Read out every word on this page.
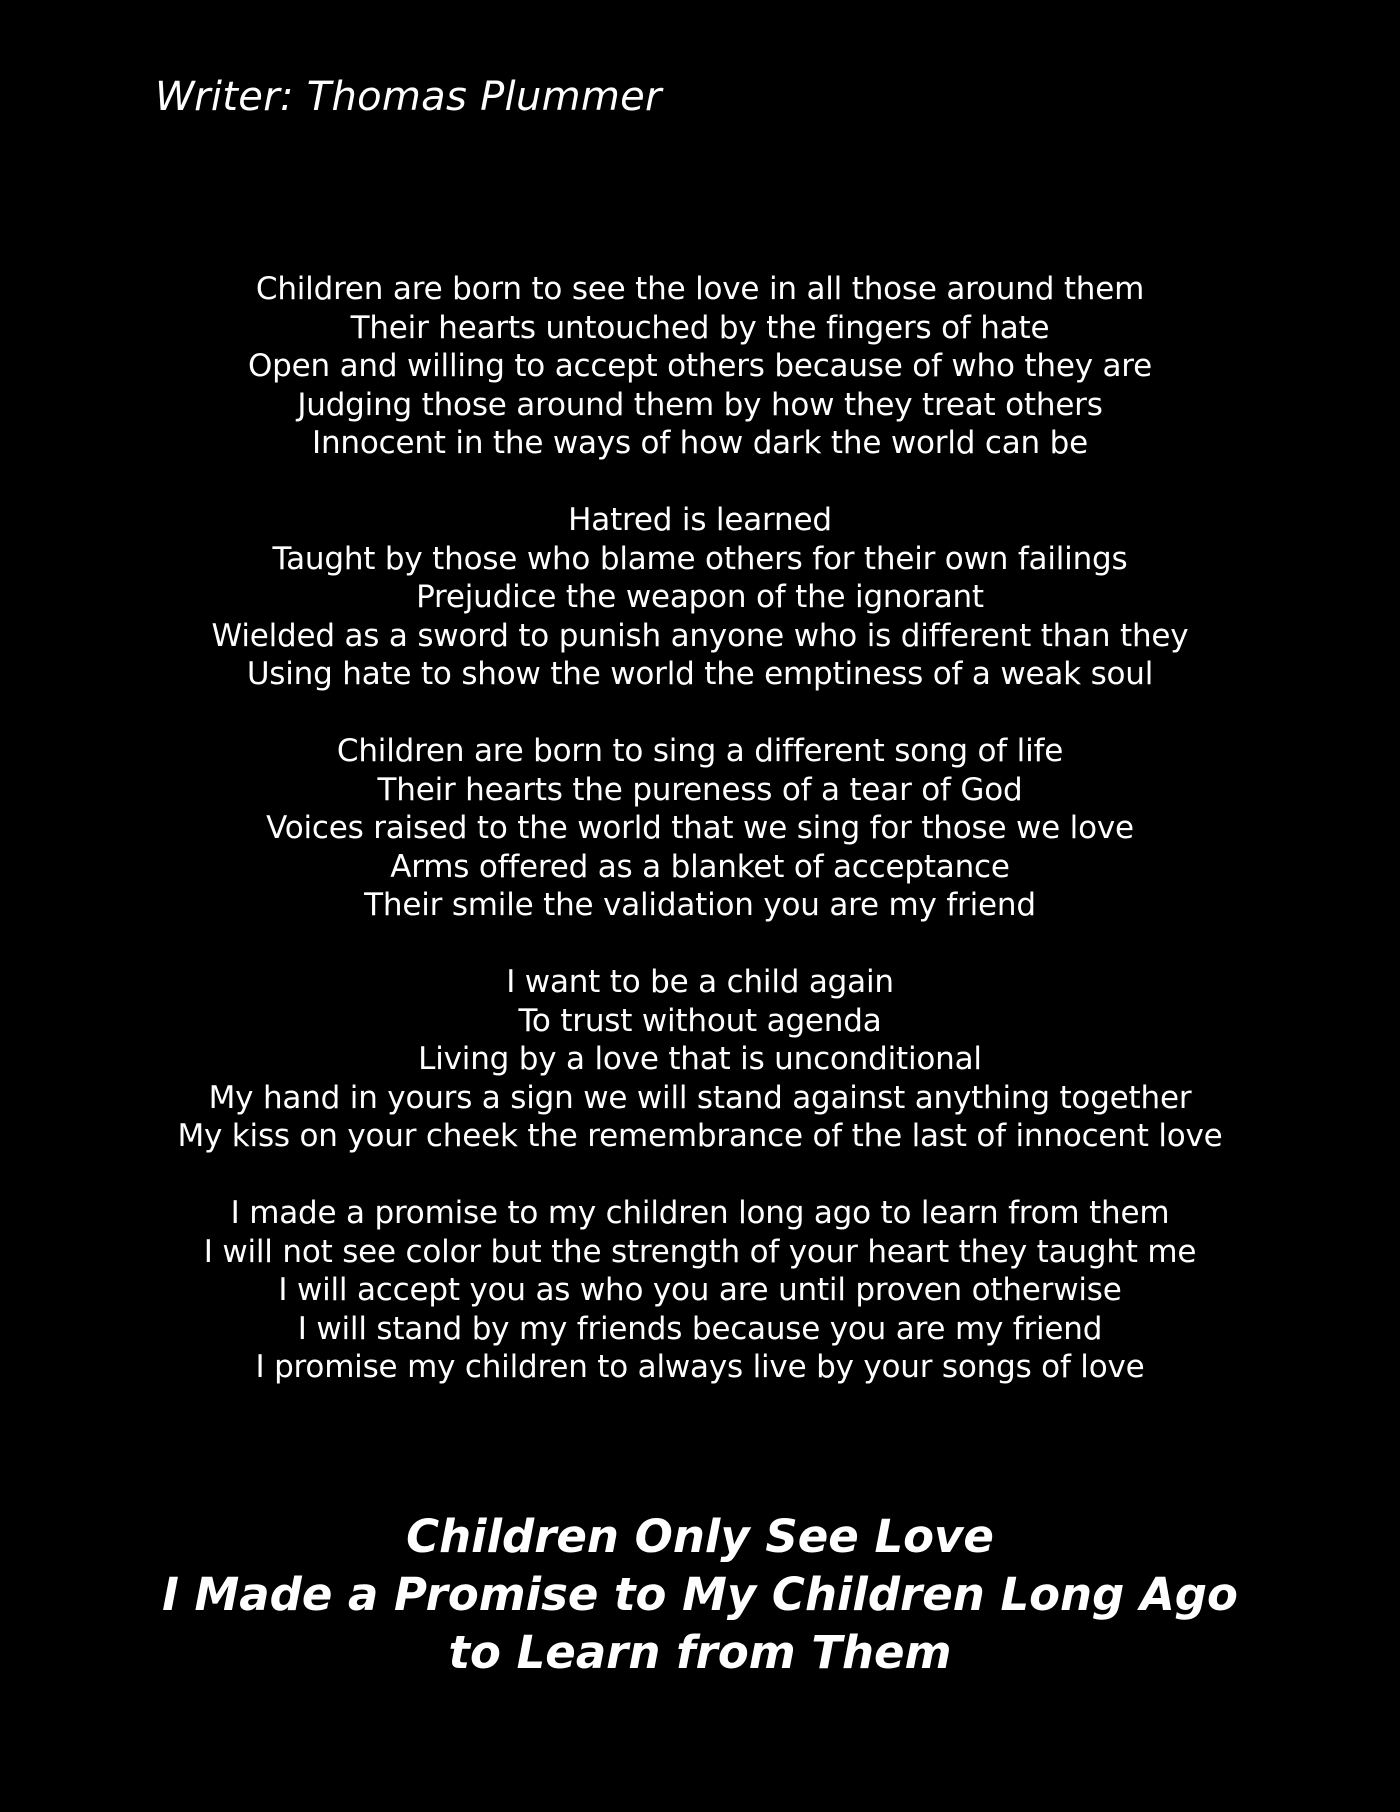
Writer: Thomas Plummer
Children are born to see the love in all those around them
Their hearts untouched by the fingers of hate
Open and willing to accept others because of who they are
Judging those around them by how they treat others
Innocent in the ways of how dark the world can be
Hatred is learned
Taught by those who blame others for their own failings
Prejudice the weapon of the ignorant
Wielded as a sword to punish anyone who is different than they
Using hate to show the world the emptiness of a weak soul
Children are born to sing a different song of life
Their hearts the pureness of a tear of God
Voices raised to the world that we sing for those we love
Arms offered as a blanket of acceptance
Their smile the validation you are my friend
I want to be a child again
To trust without agenda
Living by a love that is unconditional
My hand in yours a sign we will stand against anything together
My kiss on your cheek the remembrance of the last of innocent love
I made a promise to my children long ago to learn from them
I will not see color but the strength of your heart they taught me
I will accept you as who you are until proven otherwise
I will stand by my friends because you are my friend
I promise my children to always live by your songs of love
Children Only See Love
I Made a Promise to My Children Long Ago to Learn from Them
